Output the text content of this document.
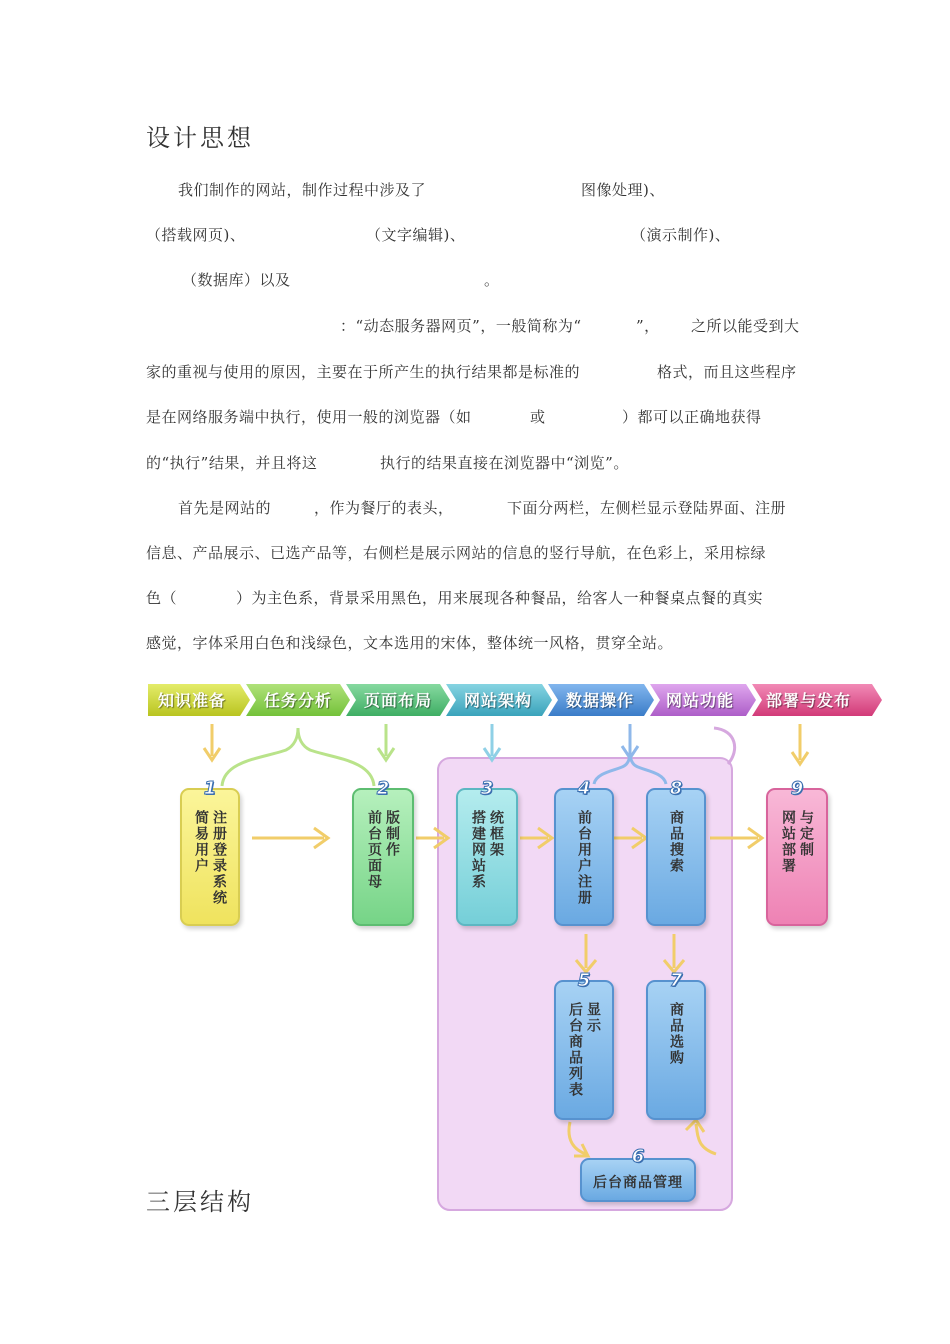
设计思想
我们制作的网站，制作过程中涉及了	图像处理)、
（搭载网页)、	（文字编辑)、	（演示制作)、
（数据库）以及	。
：“动态服务器网页”，一般简称为“	”， 之所以能受到大
家的重视与使用的原因，主要在于所产生的执行结果都是标准的	格式，而且这些程序
是在网络服务端中执行，使用一般的浏览器（如	或	）都可以正确地获得
的“执行”结果，并且将这	执行的结果直接在浏览器中“浏览”。
首先是网站的	，作为餐厅的表头，	下面分两栏，左侧栏显示登陆界面、注册
信息、产品展示、已选产品等，右侧栏是展示网站的信息的竖行导航，在色彩上，采用棕绿
色（	）为主色系，背景采用黑色，用来展现各种餐品，给客人一种餐桌点餐的真实
感觉，字体采用白色和浅绿色，文本选用的宋体，整体统一风格，贯穿全站。
知识准备 任务分析 页面布局 网站架构 数据操作 网站功能 部署与发布
1
简易用户 注册登录系统
2
前台页面母 版制作
3
搭建网站系 统框架
4
前台用户注册
8
商品搜索
9
网站部署 与定制
5
后台商品列表 显示
7
商品选购
6
后台商品管理
三层结构
